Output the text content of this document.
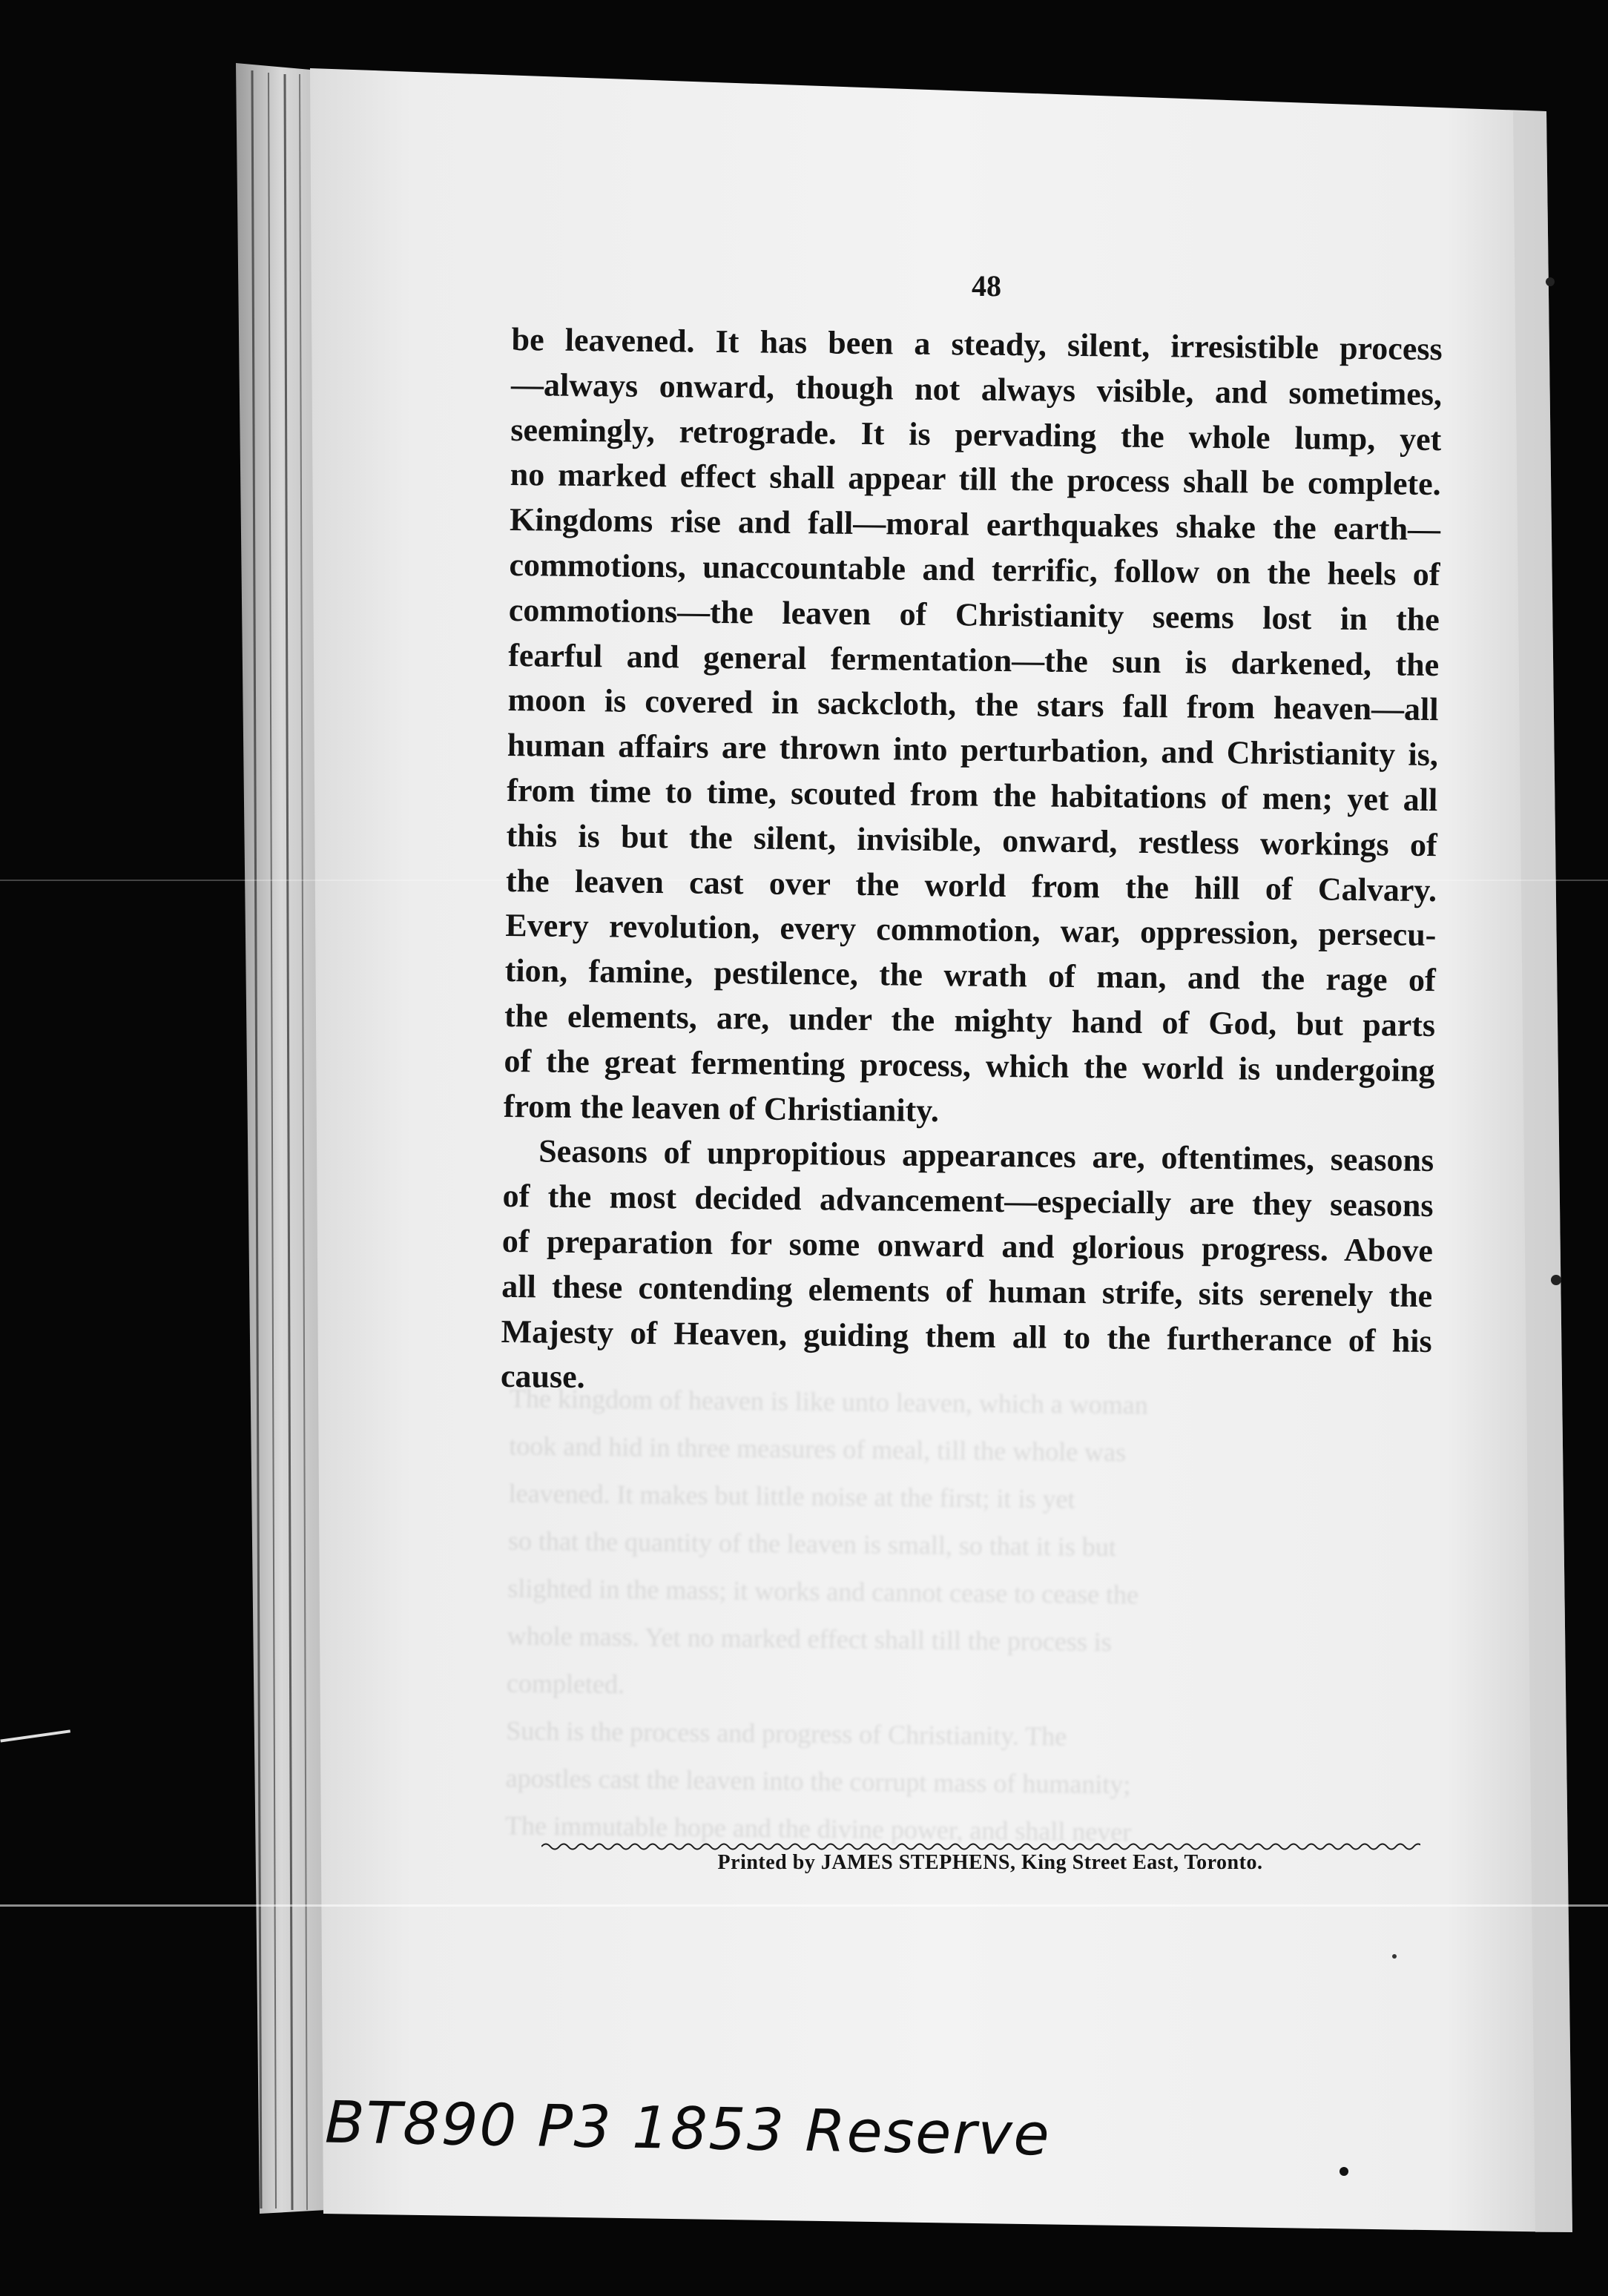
48
The kingdom of heaven is like unto leaven, which a woman
took and hid in three measures of meal, till the whole was
leavened. It makes but little noise at the first; it is yet
so that the quantity of the leaven is small, so that it is but
slighted in the mass; it works and cannot cease to cease the
whole mass. Yet no marked effect shall till the process is
completed.
Such is the process and progress of Christianity. The
apostles cast the leaven into the corrupt mass of humanity;
The immutable hope and the divine power, and shall never

be leavened. It has been a steady, silent, irresistible process
—always onward, though not always visible, and sometimes,
seemingly, retrograde. It is pervading the whole lump, yet
no marked effect shall appear till the process shall be complete.
Kingdoms rise and fall—moral earthquakes shake the earth—
commotions, unaccountable and terrific, follow on the heels of
commotions—the leaven of Christianity seems lost in the
fearful and general fermentation—the sun is darkened, the
moon is covered in sackcloth, the stars fall from heaven—all
human affairs are thrown into perturbation, and Christianity is,
from time to time, scouted from the habitations of men; yet all
this is but the silent, invisible, onward, restless workings of
the leaven cast over the world from the hill of Calvary.
Every revolution, every commotion, war, oppression, persecu-
tion, famine, pestilence, the wrath of man, and the rage of
the elements, are, under the mighty hand of God, but parts
of the great fermenting process, which the world is undergoing
from the leaven of Christianity.

Seasons of unpropitious appearances are, oftentimes, seasons
of the most decided advancement—especially are they seasons
of preparation for some onward and glorious progress. Above
all these contending elements of human strife, sits serenely the
Majesty of Heaven, guiding them all to the furtherance of his
cause.

Printed by JAMES STEPHENS, King Street East, Toronto.
BT890 P3 1853 Reserve
